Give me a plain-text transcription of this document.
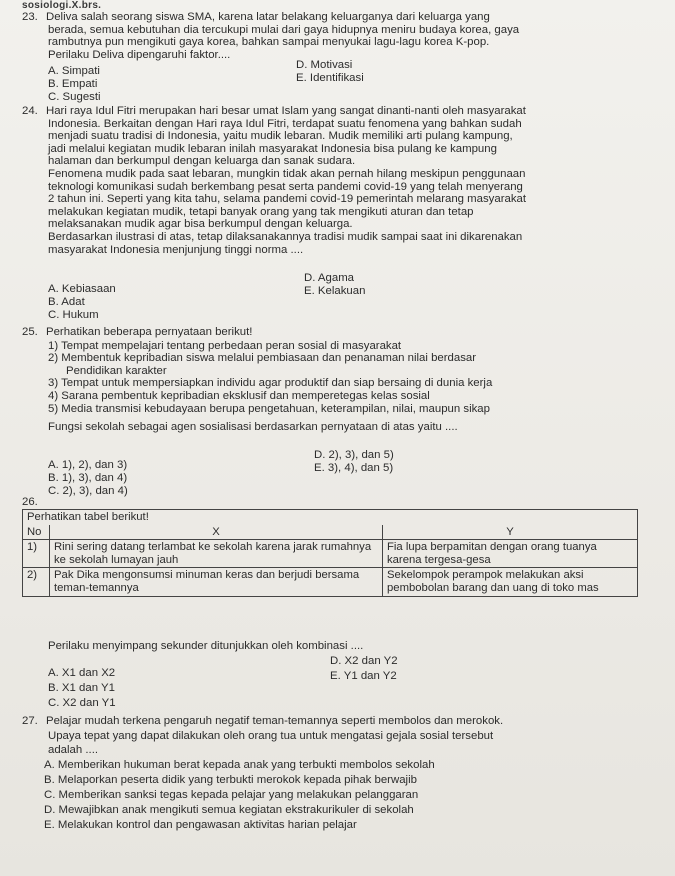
sosiologi.X.brs.
23. Deliva salah seorang siswa SMA, karena latar belakang keluarganya dari keluarga yang
berada, semua kebutuhan dia tercukupi mulai dari gaya hidupnya meniru budaya korea, gaya
rambutnya pun mengikuti gaya korea, bahkan sampai menyukai lagu-lagu korea K-pop.
Perilaku Deliva dipengaruhi faktor....
A. Simpati
B. Empati
C. Sugesti
D. Motivasi
E. Identifikasi
24. Hari raya Idul Fitri merupakan hari besar umat Islam yang sangat dinanti-nanti oleh masyarakat
Indonesia. Berkaitan dengan Hari raya Idul Fitri, terdapat suatu fenomena yang bahkan sudah
menjadi suatu tradisi di Indonesia, yaitu mudik lebaran. Mudik memiliki arti pulang kampung,
jadi melalui kegiatan mudik lebaran inilah masyarakat Indonesia bisa pulang ke kampung
halaman dan berkumpul dengan keluarga dan sanak sudara.
Fenomena mudik pada saat lebaran, mungkin tidak akan pernah hilang meskipun penggunaan
teknologi komunikasi sudah berkembang pesat serta pandemi covid-19 yang telah menyerang
2 tahun ini. Seperti yang kita tahu, selama pandemi covid-19 pemerintah melarang masyarakat
melakukan kegiatan mudik, tetapi banyak orang yang tak mengikuti aturan dan tetap
melaksanakan mudik agar bisa berkumpul dengan keluarga.
Berdasarkan ilustrasi di atas, tetap dilaksanakannya tradisi mudik sampai saat ini dikarenakan
masyarakat Indonesia menjunjung tinggi norma ....
A. Kebiasaan
B. Adat
C. Hukum
D. Agama
E. Kelakuan
25. Perhatikan beberapa pernyataan berikut!
1) Tempat mempelajari tentang perbedaan peran sosial di masyarakat
2) Membentuk kepribadian siswa melalui pembiasaan dan penanaman nilai berdasar
Pendidikan karakter
3) Tempat untuk mempersiapkan individu agar produktif dan siap bersaing di dunia kerja
4) Sarana pembentuk kepribadian eksklusif dan memperetegas kelas sosial
5) Media transmisi kebudayaan berupa pengetahuan, keterampilan, nilai, maupun sikap
Fungsi sekolah sebagai agen sosialisasi berdasarkan pernyataan di atas yaitu ....
A. 1), 2), dan 3)
B. 1), 3), dan 4)
C. 2), 3), dan 4)
D. 2), 3), dan 5)
E. 3), 4), dan 5)
26.
Perhatikan tabel berikut!		
No	X	Y
1)	Rini sering datang terlambat ke sekolah karena jarak rumahnya ke sekolah lumayan jauh	Fia lupa berpamitan dengan orang tuanya karena tergesa-gesa
2)	Pak Dika mengonsumsi minuman keras dan berjudi bersama teman-temannya	Sekelompok perampok melakukan aksi pembobolan barang dan uang di toko mas
Perilaku menyimpang sekunder ditunjukkan oleh kombinasi ....
A. X1 dan X2
B. X1 dan Y1
C. X2 dan Y1
D. X2 dan Y2
E. Y1 dan Y2
27. Pelajar mudah terkena pengaruh negatif teman-temannya seperti membolos dan merokok.
Upaya tepat yang dapat dilakukan oleh orang tua untuk mengatasi gejala sosial tersebut
adalah ....
A. Memberikan hukuman berat kepada anak yang terbukti membolos sekolah
B. Melaporkan peserta didik yang terbukti merokok kepada pihak berwajib
C. Memberikan sanksi tegas kepada pelajar yang melakukan pelanggaran
D. Mewajibkan anak mengikuti semua kegiatan ekstrakurikuler di sekolah
E. Melakukan kontrol dan pengawasan aktivitas harian pelajar
